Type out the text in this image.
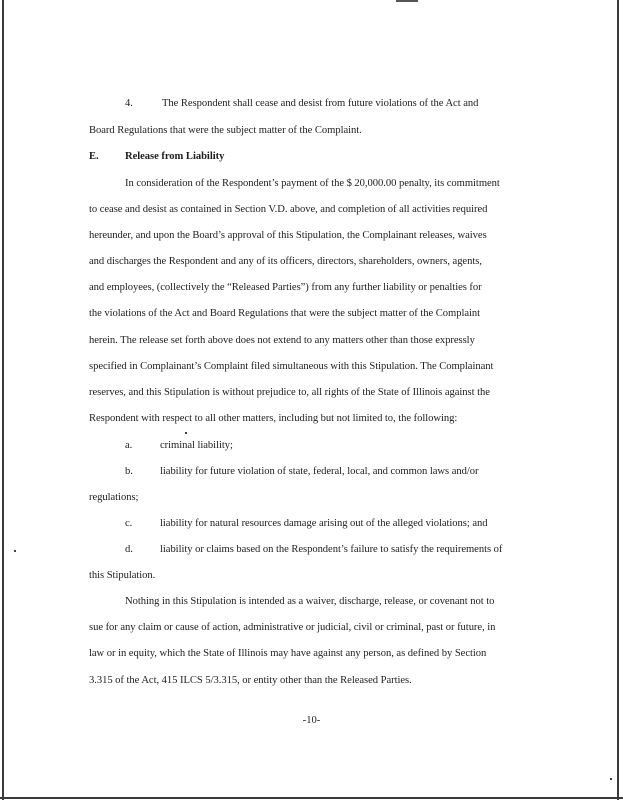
4.	The Respondent shall cease and desist from future violations of the Act and
Board Regulations that were the subject matter of the Complaint.
E. Release from Liability
In consideration of the Respondent’s payment of the $ 20,000.00 penalty, its commitment
to cease and desist as contained in Section V.D. above, and completion of all activities required
hereunder, and upon the Board’s approval of this Stipulation, the Complainant releases, waives
and discharges the Respondent and any of its officers, directors, shareholders, owners, agents,
and employees, (collectively the “Released Parties”) from any further liability or penalties for
the violations of the Act and Board Regulations that were the subject matter of the Complaint
herein. The release set forth above does not extend to any matters other than those expressly
specified in Complainant’s Complaint filed simultaneous with this Stipulation. The Complainant
reserves, and this Stipulation is without prejudice to, all rights of the State of Illinois against the
Respondent with respect to all other matters, including but not limited to, the following:
a.	criminal liability;
b.	liability for future violation of state, federal, local, and common laws and/or
regulations;
c.	liability for natural resources damage arising out of the alleged violations; and
d.	liability or claims based on the Respondent’s failure to satisfy the requirements of
this Stipulation.
Nothing in this Stipulation is intended as a waiver, discharge, release, or covenant not to
sue for any claim or cause of action, administrative or judicial, civil or criminal, past or future, in
law or in equity, which the State of Illinois may have against any person, as defined by Section
3.315 of the Act, 415 ILCS 5/3.315, or entity other than the Released Parties.
-10-
